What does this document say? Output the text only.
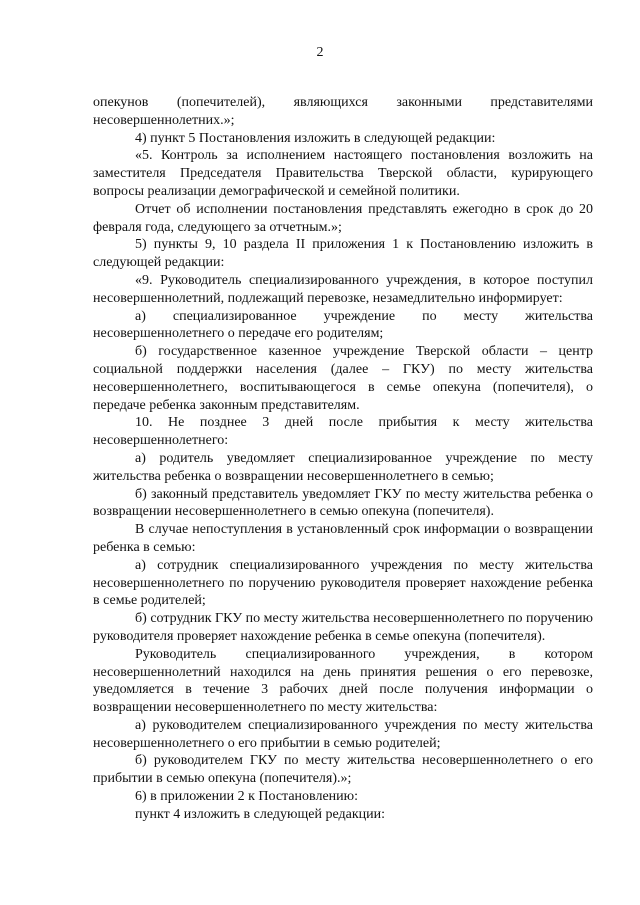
2

опекунов (попечителей), являющихся законными представителями несовершеннолетних.»;

4) пункт 5 Постановления изложить в следующей редакции:

«5. Контроль за исполнением настоящего постановления возложить на заместителя Председателя Правительства Тверской области, курирующего вопросы реализации демографической и семейной политики.

Отчет об исполнении постановления представлять ежегодно в срок до 20 февраля года, следующего за отчетным.»;

5) пункты 9, 10 раздела II приложения 1 к Постановлению изложить в следующей редакции:

«9. Руководитель специализированного учреждения, в которое поступил несовершеннолетний, подлежащий перевозке, незамедлительно информирует:

а) специализированное учреждение по месту жительства несовершеннолетнего о передаче его родителям;

б) государственное казенное учреждение Тверской области – центр социальной поддержки населения (далее – ГКУ) по месту жительства несовершеннолетнего, воспитывающегося в семье опекуна (попечителя), о передаче ребенка законным представителям.

10. Не позднее 3 дней после прибытия к месту жительства несовершеннолетнего:

а) родитель уведомляет специализированное учреждение по месту жительства ребенка о возвращении несовершеннолетнего в семью;

б) законный представитель уведомляет ГКУ по месту жительства ребенка о возвращении несовершеннолетнего в семью опекуна (попечителя).

В случае непоступления в установленный срок информации о возвращении ребенка в семью:

а) сотрудник специализированного учреждения по месту жительства несовершеннолетнего по поручению руководителя проверяет нахождение ребенка в семье родителей;

б) сотрудник ГКУ по месту жительства несовершеннолетнего по поручению руководителя проверяет нахождение ребенка в семье опекуна (попечителя).

Руководитель специализированного учреждения, в котором несовершеннолетний находился на день принятия решения о его перевозке, уведомляется в течение 3 рабочих дней после получения информации о возвращении несовершеннолетнего по месту жительства:

а) руководителем специализированного учреждения по месту жительства несовершеннолетнего о его прибытии в семью родителей;

б) руководителем ГКУ по месту жительства несовершеннолетнего о его прибытии в семью опекуна (попечителя).»;

6) в приложении 2 к Постановлению:

пункт 4 изложить в следующей редакции:
